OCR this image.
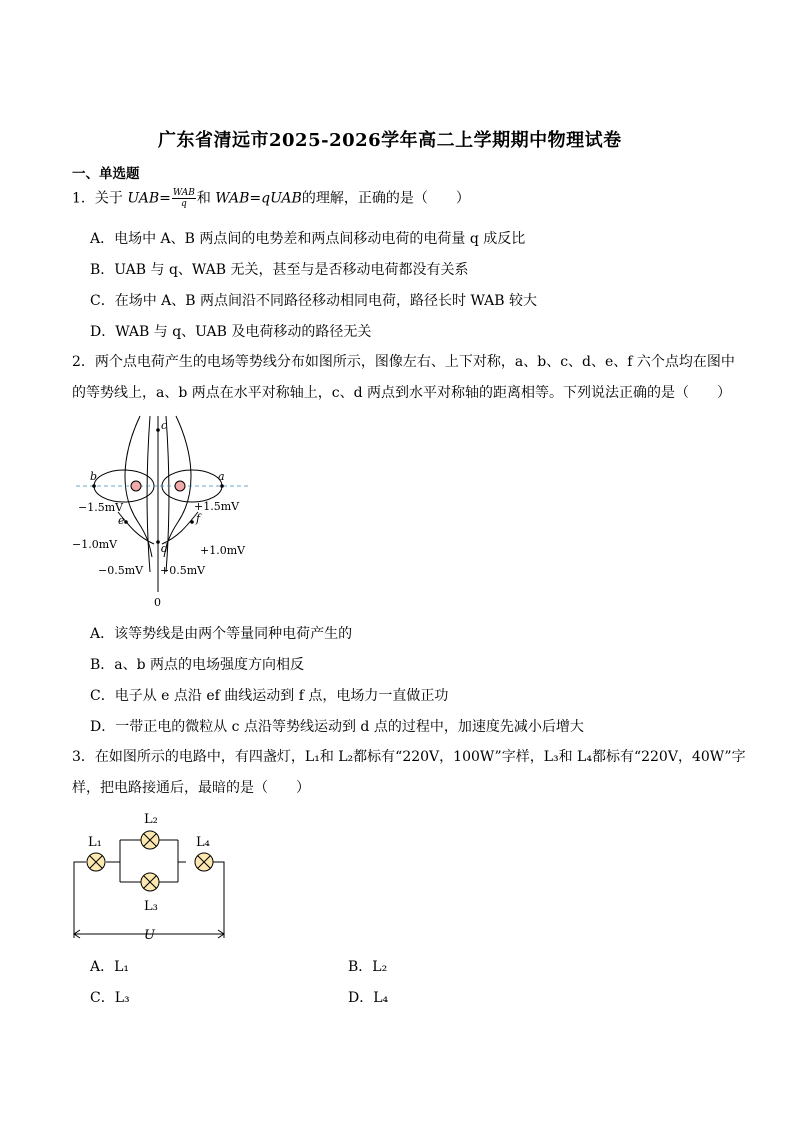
广东省清远市2025-2026学年高二上学期期中物理试卷
一、单选题
1．关于 $UAB= \frac{\text{WAB}}{q}$ 和 WAB=qUAB的理解，正确的是（　　）
A．电场中 A、B 两点间的电势差和两点间移动电荷的电荷量 q 成反比
B．UAB 与 q、WAB 无关，甚至与是否移动电荷都没有关系
C．在场中 A、B 两点间沿不同路径移动相同电荷，路径长时 WAB 较大
D．WAB 与 q、UAB 及电荷移动的路径无关
2．两个点电荷产生的电场等势线分布如图所示，图像左右、上下对称，a、b、c、d、e、f 六个点均在图中
的等势线上，a、b 两点在水平对称轴上，c、d 两点到水平对称轴的距离相等。下列说法正确的是（　　）
c
b	a
d
e	f
−1.5mV	+1.5mV
−1.0mV	+1.0mV
−0.5mV +0.5mV
0
A．该等势线是由两个等量同种电荷产生的
B．a、b 两点的电场强度方向相反
C．电子从 e 点沿 ef 曲线运动到 f 点，电场力一直做正功
D．一带正电的微粒从 c 点沿等势线运动到 d 点的过程中，加速度先减小后增大
3．在如图所示的电路中，有四盏灯，L₁和 L₂都标有“220V，100W”字样，L₃和 L₄都标有“220V，40W”字
样，把电路接通后，最暗的是（　　）
L₁
L₂
L₃
L₄
U
A．L₁	B．L₂
C．L₃	D．L₄
